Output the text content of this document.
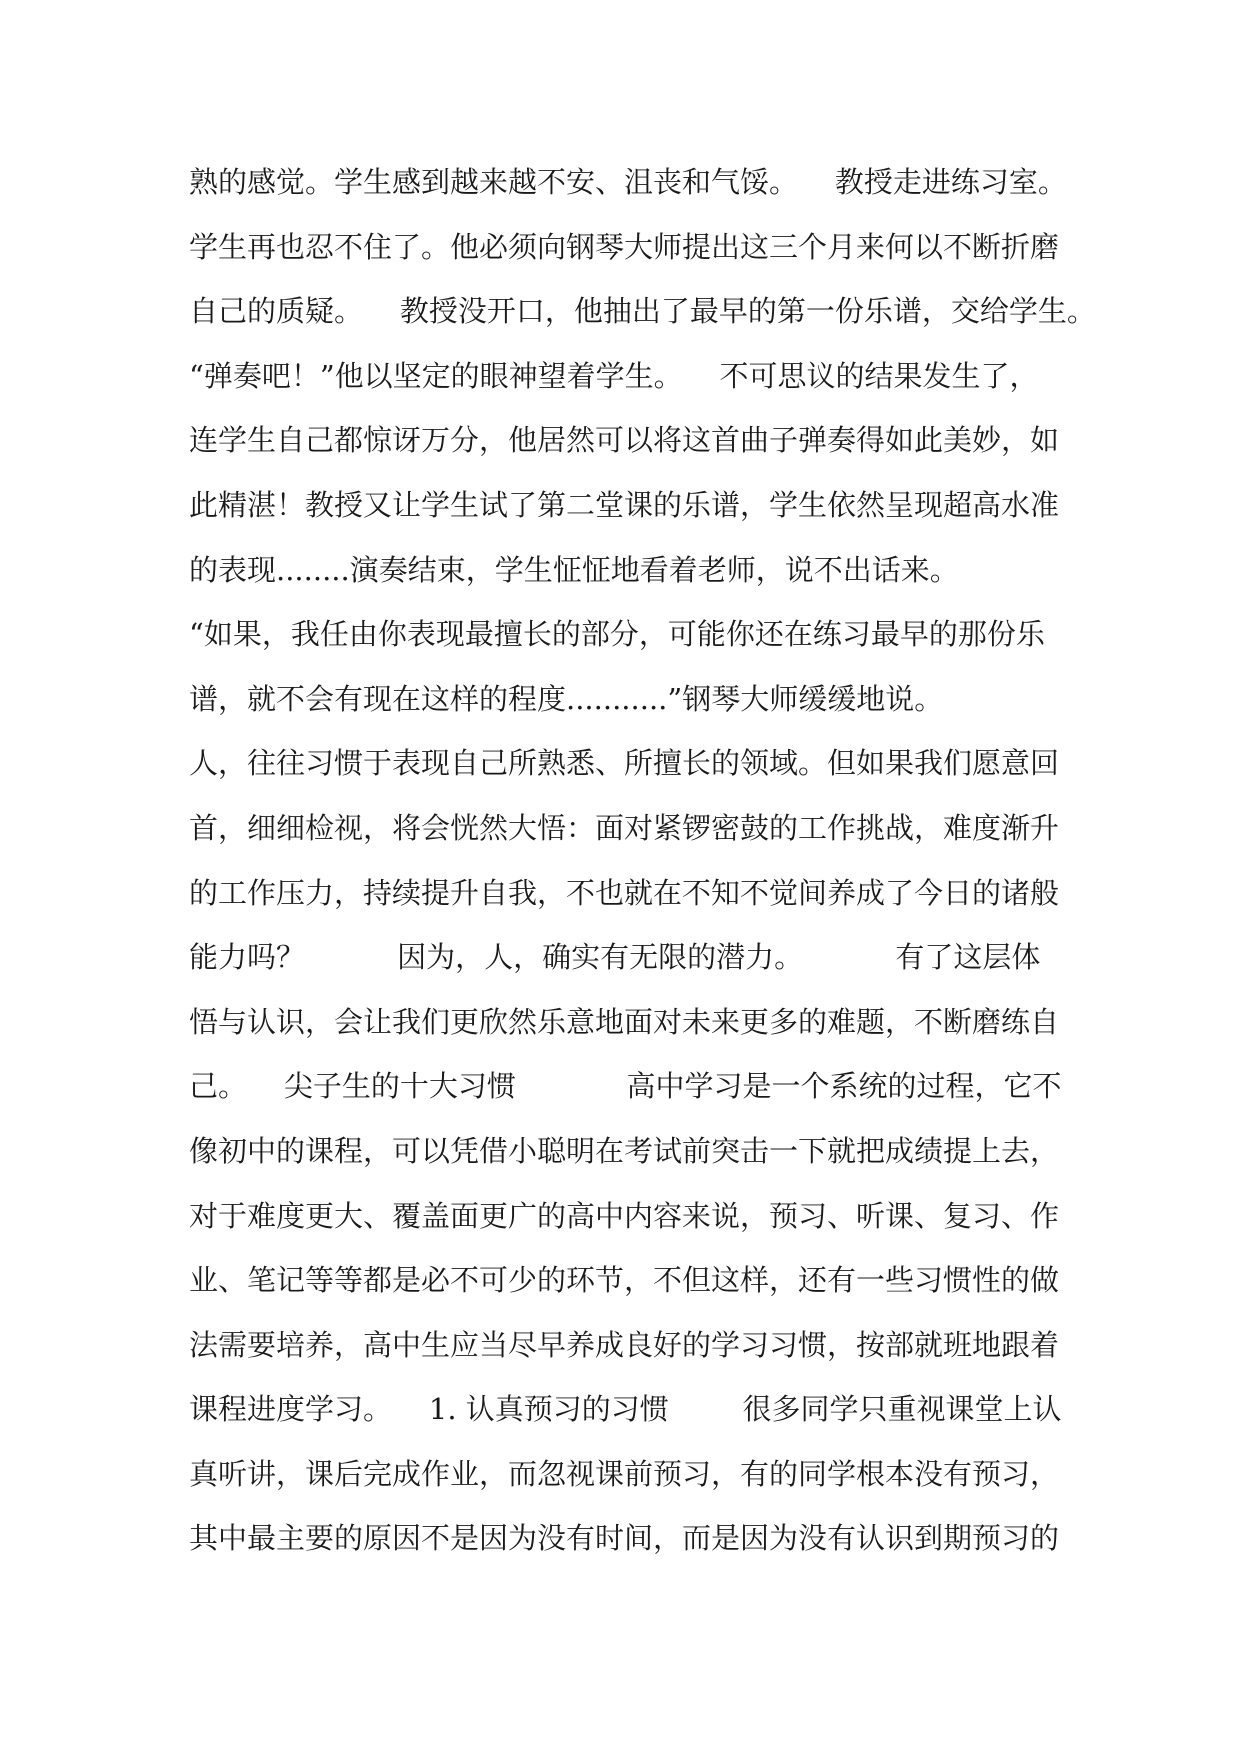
熟的感觉。学生感到越来越不安、沮丧和气馁。    教授走进练习室。
学生再也忍不住了。他必须向钢琴大师提出这三个月来何以不断折磨
自己的质疑。    教授没开口，他抽出了最早的第一份乐谱，交给学生。
“弹奏吧！”他以坚定的眼神望着学生。    不可思议的结果发生了，
连学生自己都惊讶万分，他居然可以将这首曲子弹奏得如此美妙，如
此精湛！教授又让学生试了第二堂课的乐谱，学生依然呈现超高水准
的表现........演奏结束，学生怔怔地看着老师，说不出话来。
“如果，我任由你表现最擅长的部分，可能你还在练习最早的那份乐
谱，就不会有现在这样的程度...........”钢琴大师缓缓地说。
人，往往习惯于表现自己所熟悉、所擅长的领域。但如果我们愿意回
首，细细检视，将会恍然大悟：面对紧锣密鼓的工作挑战，难度渐升
的工作压力，持续提升自我，不也就在不知不觉间养成了今日的诸般
能力吗？          因为，人，确实有无限的潜力。          有了这层体
悟与认识，会让我们更欣然乐意地面对未来更多的难题，不断磨练自
己。    尖子生的十大习惯            高中学习是一个系统的过程，它不
像初中的课程，可以凭借小聪明在考试前突击一下就把成绩提上去，
对于难度更大、覆盖面更广的高中内容来说，预习、听课、复习、作
业、笔记等等都是必不可少的环节，不但这样，还有一些习惯性的做
法需要培养，高中生应当尽早养成良好的学习习惯，按部就班地跟着
课程进度学习。    1. 认真预习的习惯        很多同学只重视课堂上认
真听讲，课后完成作业，而忽视课前预习，有的同学根本没有预习，
其中最主要的原因不是因为没有时间，而是因为没有认识到期预习的
